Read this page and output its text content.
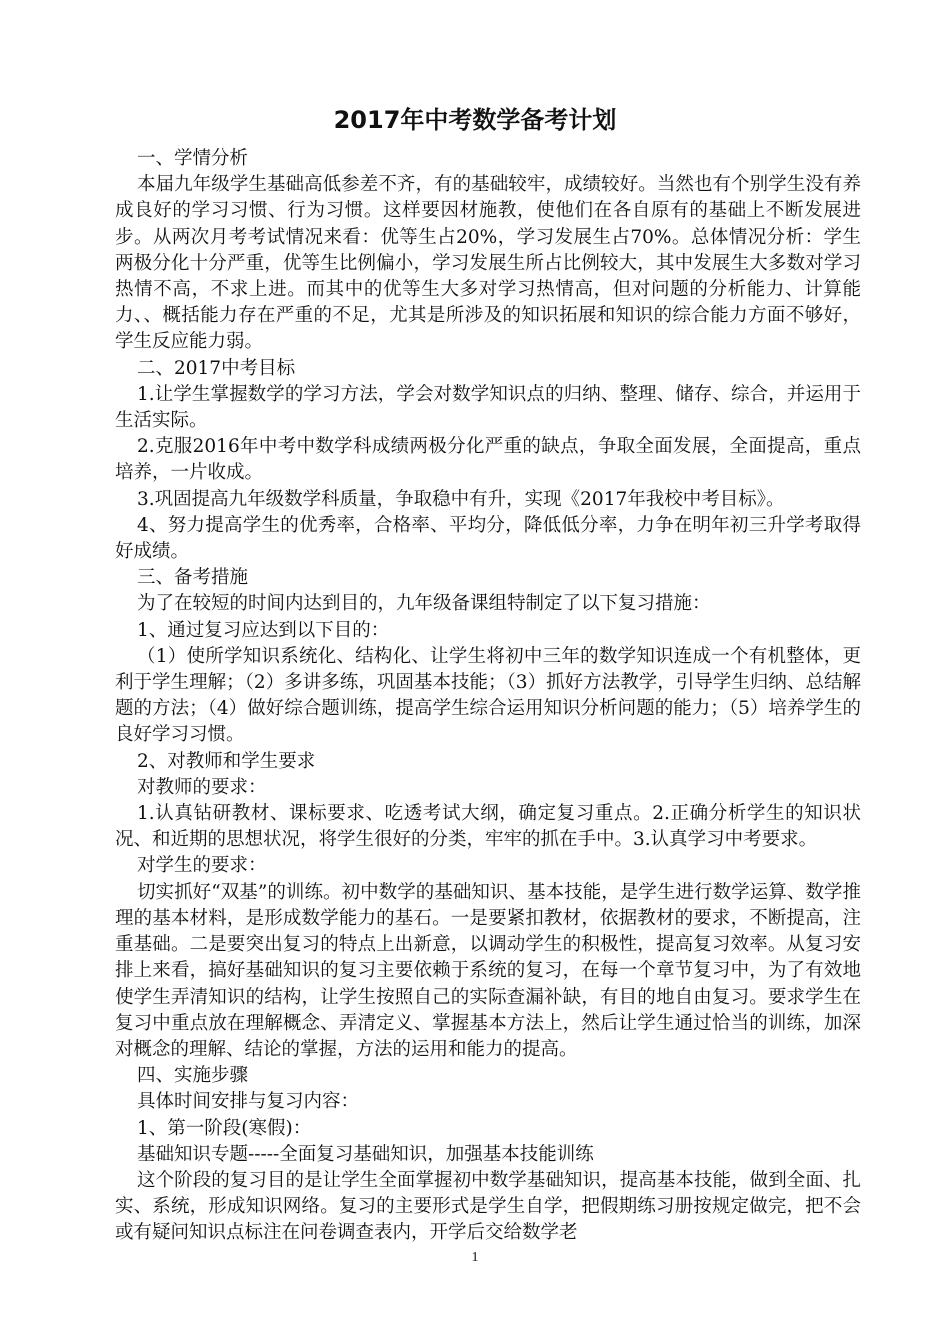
2017年中考数学备考计划

一、学情分析

本届九年级学生基础高低参差不齐，有的基础较牢，成绩较好。当然也有个别学生没有养成良好的学习习惯、行为习惯。这样要因材施教，使他们在各自原有的基础上不断发展进步。从两次月考考试情况来看：优等生占20%，学习发展生占70%。总体情况分析：学生两极分化十分严重，优等生比例偏小，学习发展生所占比例较大，其中发展生大多数对学习热情不高，不求上进。而其中的优等生大多对学习热情高，但对问题的分析能力、计算能力、、概括能力存在严重的不足，尤其是所涉及的知识拓展和知识的综合能力方面不够好，学生反应能力弱。

二、2017中考目标

1.让学生掌握数学的学习方法，学会对数学知识点的归纳、整理、储存、综合，并运用于生活实际。

2.克服2016年中考中数学科成绩两极分化严重的缺点，争取全面发展，全面提高，重点培养，一片收成。

3.巩固提高九年级数学科质量，争取稳中有升，实现《2017年我校中考目标》。

4、努力提高学生的优秀率，合格率、平均分，降低低分率，力争在明年初三升学考取得好成绩。

三、备考措施

为了在较短的时间内达到目的，九年级备课组特制定了以下复习措施：

1、通过复习应达到以下目的：

（1）使所学知识系统化、结构化、让学生将初中三年的数学知识连成一个有机整体，更利于学生理解；（2）多讲多练，巩固基本技能；（3）抓好方法教学，引导学生归纳、总结解题的方法；（4）做好综合题训练，提高学生综合运用知识分析问题的能力；（5）培养学生的良好学习习惯。

2、对教师和学生要求

对教师的要求：

1.认真钻研教材、课标要求、吃透考试大纲，确定复习重点。2.正确分析学生的知识状况、和近期的思想状况，将学生很好的分类，牢牢的抓在手中。3.认真学习中考要求。

对学生的要求：

切实抓好“双基”的训练。初中数学的基础知识、基本技能，是学生进行数学运算、数学推理的基本材料，是形成数学能力的基石。一是要紧扣教材，依据教材的要求，不断提高，注重基础。二是要突出复习的特点上出新意，以调动学生的积极性，提高复习效率。从复习安排上来看，搞好基础知识的复习主要依赖于系统的复习，在每一个章节复习中，为了有效地使学生弄清知识的结构，让学生按照自己的实际查漏补缺，有目的地自由复习。要求学生在复习中重点放在理解概念、弄清定义、掌握基本方法上，然后让学生通过恰当的训练，加深对概念的理解、结论的掌握，方法的运用和能力的提高。

四、实施步骤

具体时间安排与复习内容：

1、第一阶段(寒假)：

基础知识专题-----全面复习基础知识，加强基本技能训练

这个阶段的复习目的是让学生全面掌握初中数学基础知识，提高基本技能，做到全面、扎实、系统，形成知识网络。复习的主要形式是学生自学，把假期练习册按规定做完，把不会或有疑问知识点标注在问卷调查表内，开学后交给数学老

1
